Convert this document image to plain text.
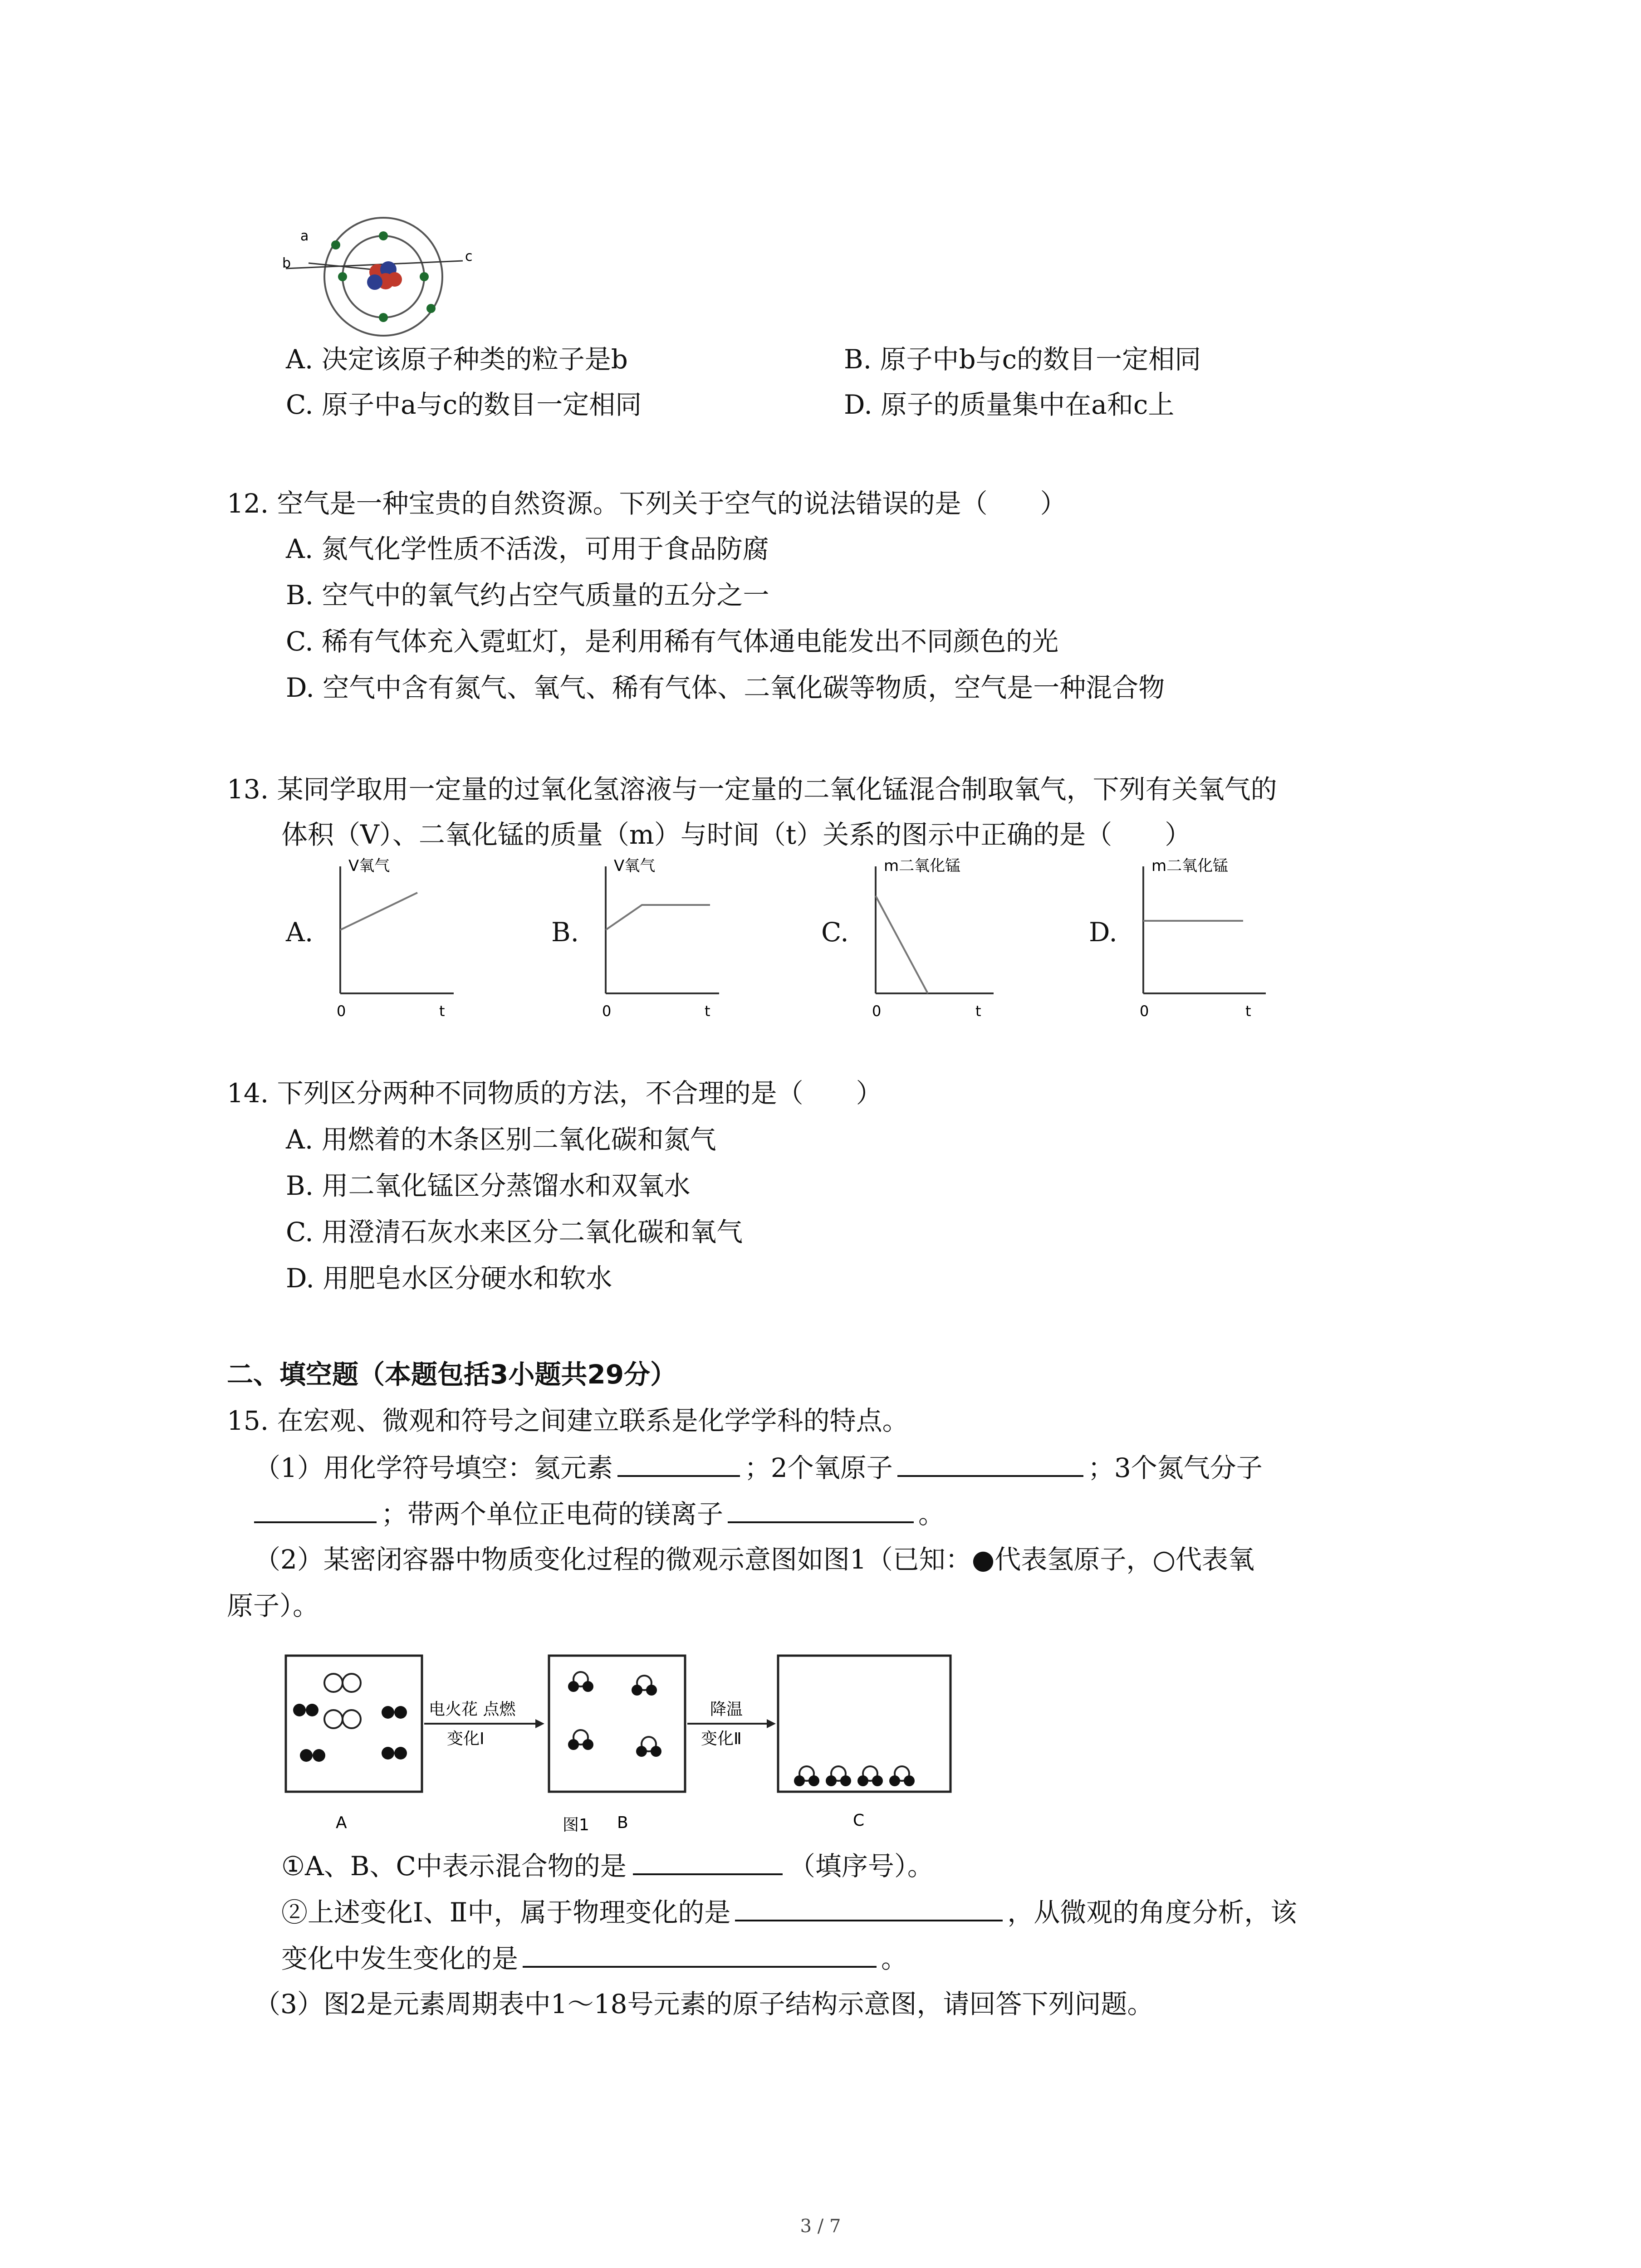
a
b	c
A. 决定该原子种类的粒子是b	B. 原子中b与c的数目一定相同
C. 原子中a与c的数目一定相同	D. 原子的质量集中在a和c上
12. 空气是一种宝贵的自然资源。下列关于空气的说法错误的是（　　）
A. 氮气化学性质不活泼，可用于食品防腐
B. 空气中的氧气约占空气质量的五分之一
C. 稀有气体充入霓虹灯，是利用稀有气体通电能发出不同颜色的光
D. 空气中含有氮气、氧气、稀有气体、二氧化碳等物质，空气是一种混合物
13. 某同学取用一定量的过氧化氢溶液与一定量的二氧化锰混合制取氧气，下列有关氧气的
体积（V）、二氧化锰的质量（m）与时间（t）关系的图示中正确的是（　　）
A.	B.	C.	D.
V氧气
0	t
V氧气
0	t
m二氧化锰
0	t
m二氧化锰
0	t
14. 下列区分两种不同物质的方法，不合理的是（　　）
A. 用燃着的木条区别二氧化碳和氮气
B. 用二氧化锰区分蒸馏水和双氧水
C. 用澄清石灰水来区分二氧化碳和氧气
D. 用肥皂水区分硬水和软水
二、填空题（本题包括3小题共29分）
15. 在宏观、微观和符号之间建立联系是化学学科的特点。
（1）用化学符号填空：氦元素	；2个氧原子	；3个氮气分子
；带两个单位正电荷的镁离子	。
（2）某密闭容器中物质变化过程的微观示意图如图1（已知：●代表氢原子，○代表氧
原子）。
电火花 点燃
变化Ⅰ
降温
变化Ⅱ
A	图1 B	C
①A、B、C中表示混合物的是	（填序号）。
②上述变化Ⅰ、Ⅱ中，属于物理变化的是	，从微观的角度分析，该
变化中发生变化的是	。
（3）图2是元素周期表中1～18号元素的原子结构示意图，请回答下列问题。
3 / 7
